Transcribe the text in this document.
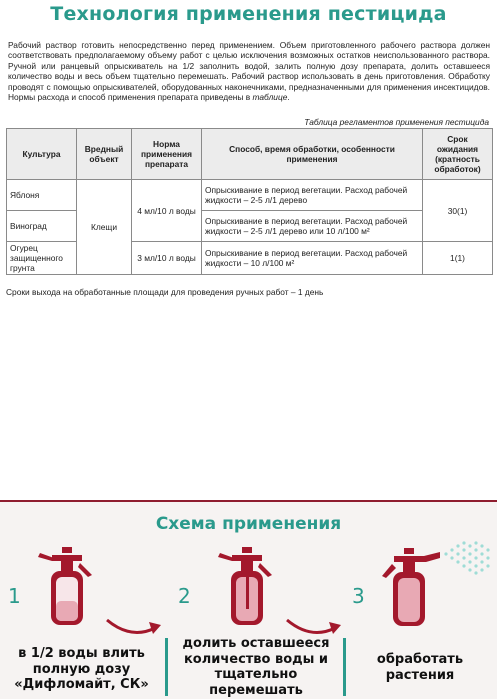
Технология применения пестицида
Рабочий раствор готовить непосредственно перед применением. Объем приготовленного рабочего раствора должен соответствовать предполагаемому объему работ с целью исключения возможных остатков неиспользованного раствора. Ручной или ранцевый опрыскиватель на 1/2 заполнить водой, залить полную дозу препарата, долить оставшееся количество воды и весь объем тщательно перемешать. Рабочий раствор использовать в день приготовления. Обработку проводят с помощью опрыскивателей, оборудованных наконечниками, предназначенными для применения инсектицидов. Нормы расхода и способ применения препарата приведены в таблице.
Таблица регламентов применения пестицида
Культура	Вредный объект	Норма применения препарата	Способ, время обработки, особенности применения	Срок ожидания (кратность обработок)
Яблоня	Клещи	4 мл/10 л воды	Опрыскивание в период вегетации. Расход рабочей жидкости – 2-5 л/1 дерево	30(1)
Виноград			Опрыскивание в период вегетации. Расход рабочей жидкости – 2-5 л/1 дерево или 10 л/100 м²	
Огурец защищенного грунта		3 мл/10 л воды	Опрыскивание в период вегетации. Расход рабочей жидкости – 10 л/100 м²	1(1)
Сроки выхода на обработанные площади для проведения ручных работ – 1 день
Схема применения
1	2	3
в 1/2 воды влить полную дозу «Дифломайт, СК»
долить оставшееся количество воды и тщательно перемешать
обработать растения
